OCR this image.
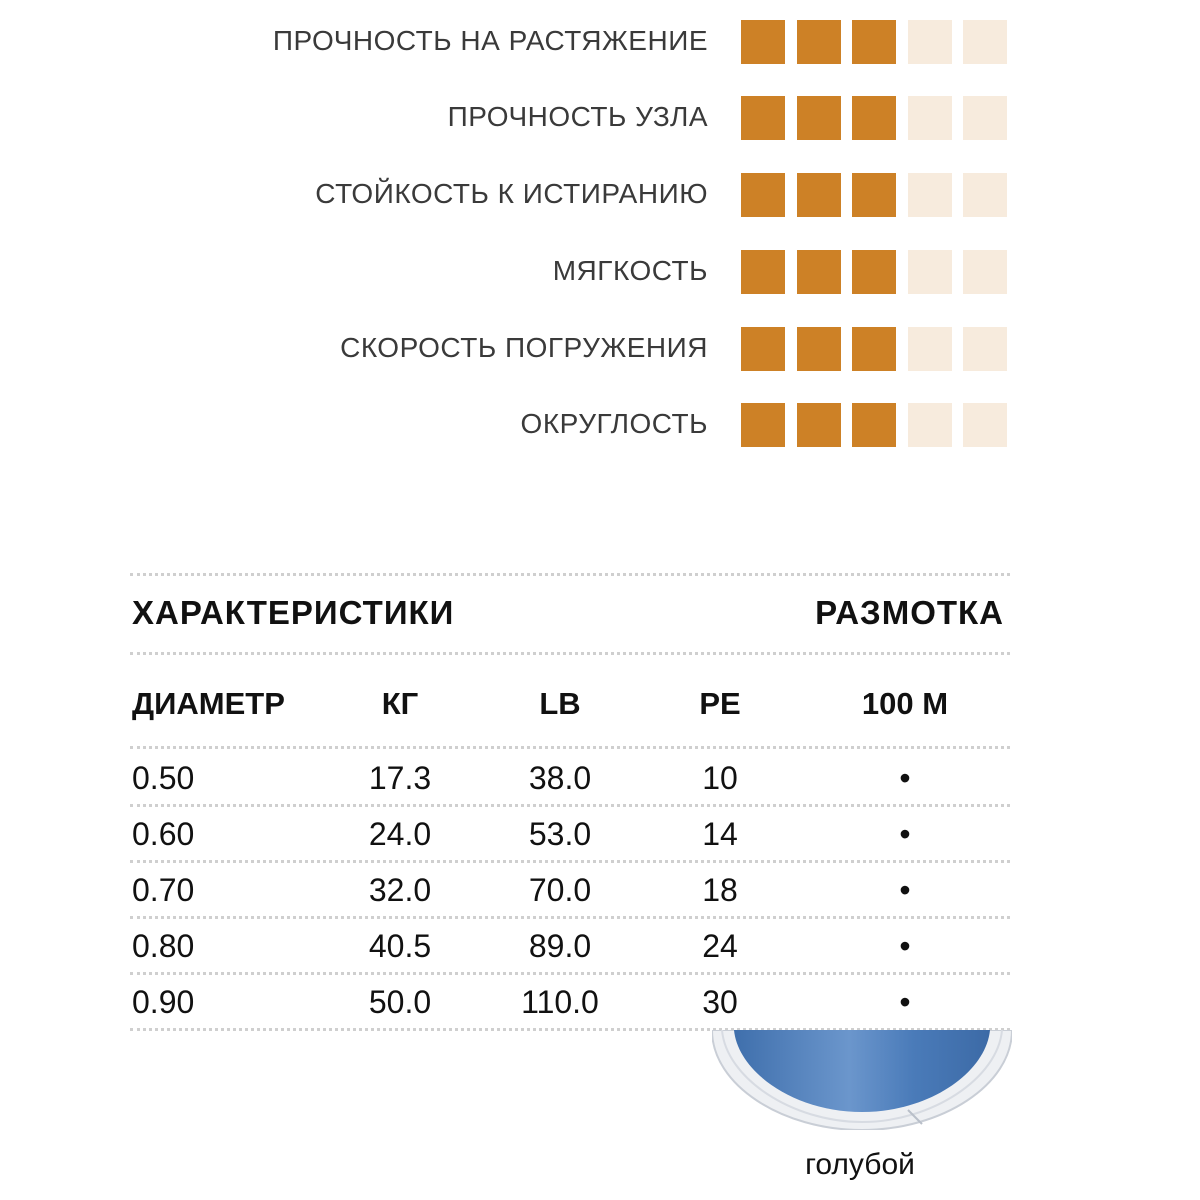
ПРОЧНОСТЬ НА РАСТЯЖЕНИЕ
ПРОЧНОСТЬ УЗЛА
СТОЙКОСТЬ К ИСТИРАНИЮ
МЯГКОСТЬ
СКОРОСТЬ ПОГРУЖЕНИЯ
ОКРУГЛОСТЬ
ХАРАКТЕРИСТИКИ	РАЗМОТКА
ДИАМЕТР	КГ	LB	PE	100 М
0.50	17.3	38.0	10	•
0.60	24.0	53.0	14	•
0.70	32.0	70.0	18	•
0.80	40.5	89.0	24	•
0.90	50.0	110.0	30	•
голубой
